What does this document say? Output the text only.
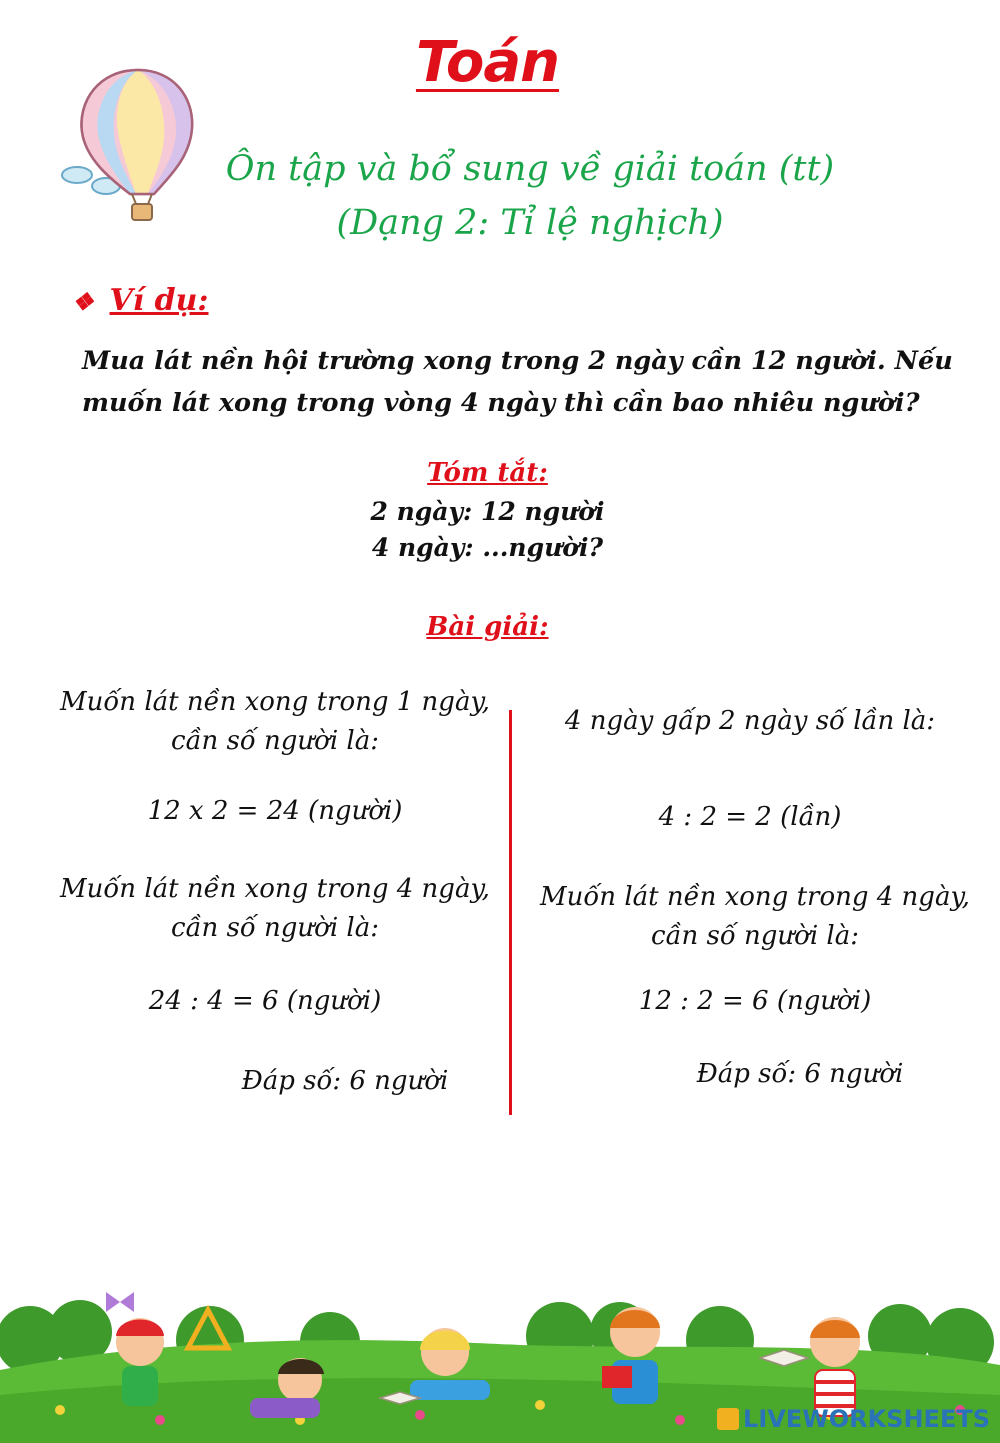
Toán
Ôn tập và bổ sung về giải toán (tt)
(Dạng 2: Tỉ lệ nghịch)
❖ Ví dụ:
Mua lát nền hội trường xong trong 2 ngày cần 12 người. Nếu
muốn lát xong trong vòng 4 ngày thì cần bao nhiêu người?
Tóm tắt:
2 ngày: 12 người
4 ngày: ...người?
Bài giải:
Muốn lát nền xong trong 1 ngày,
cần số người là:
12 x 2 = 24 (người)
Muốn lát nền xong trong 4 ngày,
cần số người là:
24 : 4 = 6 (người)
Đáp số: 6 người
4 ngày gấp 2 ngày số lần là:
4 : 2 = 2 (lần)
Muốn lát nền xong trong 4 ngày,
cần số người là:
12 : 2 = 6 (người)
Đáp số: 6 người
LIVEWORKSHEETS
